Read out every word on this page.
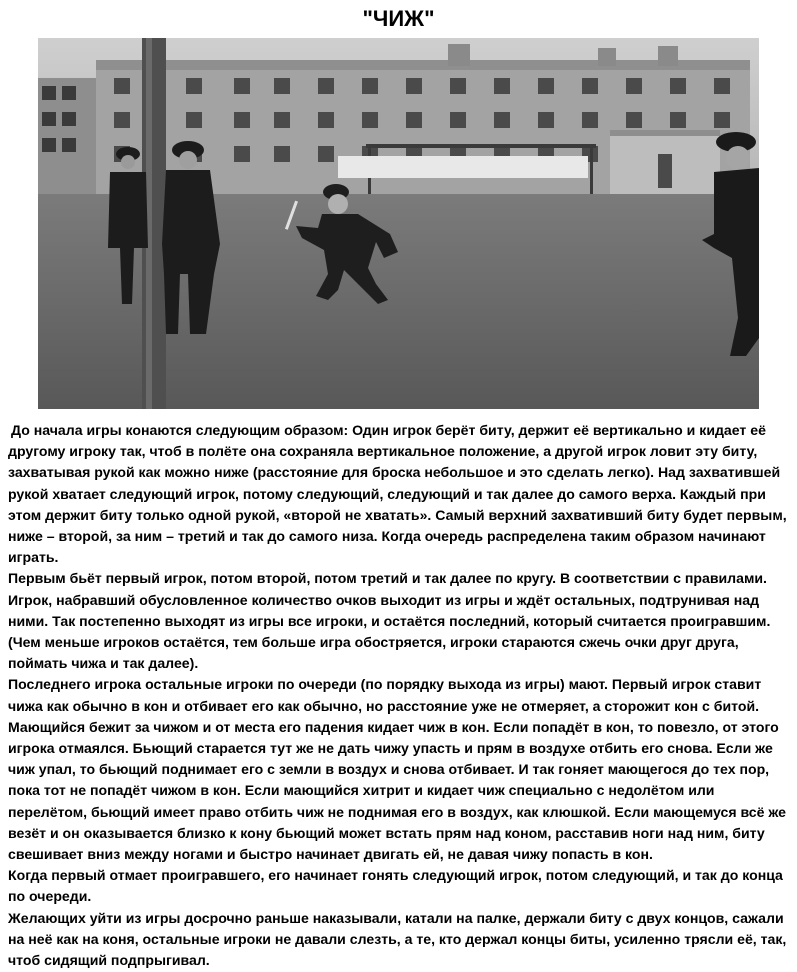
"ЧИЖ"

До начала игры конаются следующим образом: Один игрок берёт биту, держит её вертикально и кидает её другому игроку так, чтоб в полёте она сохраняла вертикальное положение, а другой игрок ловит эту биту, захватывая рукой как можно ниже (расстояние для броска небольшое и это сделать легко). Над захватившей рукой хватает следующий игрок, потому следующий, следующий и так далее до самого верха. Каждый при этом держит биту только одной рукой, «второй не хватать». Самый верхний захвативший биту будет первым, ниже – второй, за ним – третий и так до самого низа. Когда очередь распределена таким образом начинают играть.

Первым бьёт первый игрок, потом второй, потом третий и так далее по кругу. В соответствии с правилами. Игрок, набравший обусловленное количество очков выходит из игры и ждёт остальных, подтрунивая над ними. Так постепенно выходят из игры все игроки, и остаётся последний, который считается проигравшим. (Чем меньше игроков остаётся, тем больше игра обостряется, игроки стараются сжечь очки друг друга, поймать чижа и так далее).

Последнего игрока остальные игроки по очереди (по порядку выхода из игры) мают. Первый игрок ставит чижа как обычно в кон и отбивает его как обычно, но расстояние уже не отмеряет, а сторожит кон с битой. Мающийся бежит за чижом и от места его падения кидает чиж в кон. Если попадёт в кон, то повезло, от этого игрока отмаялся. Бьющий старается тут же не дать чижу упасть и прям в воздухе отбить его снова. Если же чиж упал, то бьющий поднимает его с земли в воздух и снова отбивает. И так гоняет мающегося до тех пор, пока тот не попадёт чижом в кон. Если мающийся хитрит и кидает чиж специально с недолётом или перелётом, бьющий имеет право отбить чиж не поднимая его в воздух, как клюшкой. Если мающемуся всё же везёт и он оказывается близко к кону бьющий может встать прям над коном, расставив ноги над ним, биту свешивает вниз между ногами и быстро начинает двигать ей, не давая чижу попасть в кон.

Когда первый отмает проигравшего, его начинает гонять следующий игрок, потом следующий, и так до конца по очереди.

Желающих уйти из игры досрочно раньше наказывали, катали на палке, держали биту с двух концов, сажали на неё как на коня, остальные игроки не давали слезть, а те, кто держал концы биты, усиленно трясли её, так, чтоб сидящий подпрыгивал.
